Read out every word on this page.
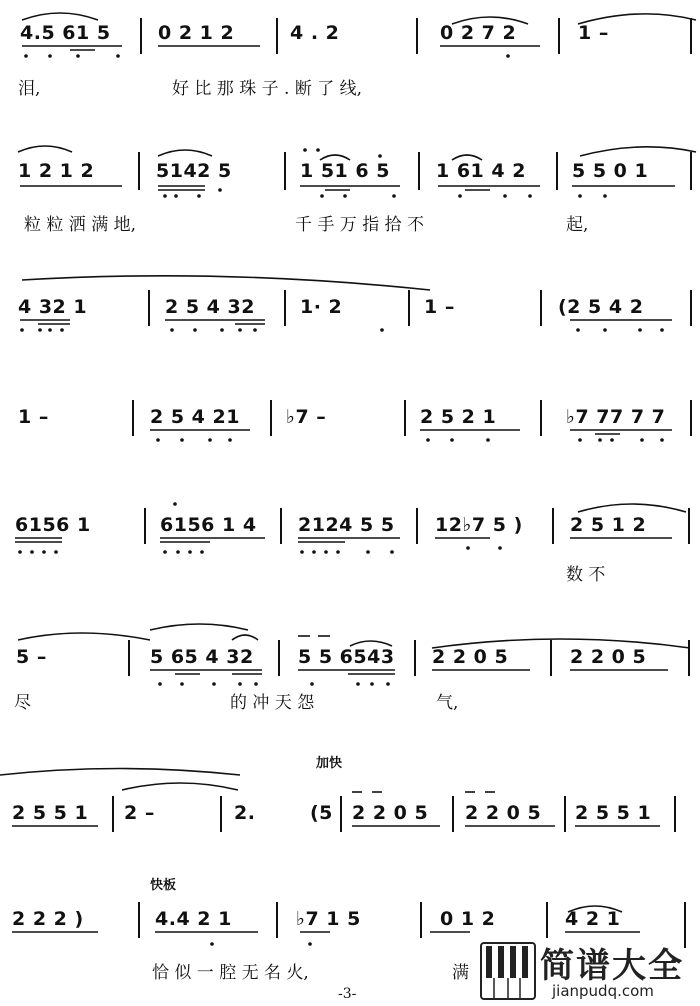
4.5 61 5 0 2 1 2	4 . 2	0 2 7 2	1 –
泪,	好 比 那 珠 子 . 断 了 线,
1 2 1 2	5142 5	1 51 6 5 1 61 4 2 5 5 0 1
粒 粒 洒 满 地,	千 手 万 指 拾 不	起,
4 32 1	2 5 4 32 1· 2	1 –	(2 5 4 2
1 –	2 5 4 21 ♭7 –	2 5 2 1	♭7 77 7 7
6156 1	6156 1 4 2124 5 5 12♭7 5 ) 2 5 1 2
数 不
5 –	5 65 4 32 5 5 6543 2 2 0 5	2 2 0 5
尽	的 冲 天 怨	气,
加快
2 5 5 1 2 –	2.	(5 2 2 0 5 2 2 0 5 2 5 5 1
快板
2 2 2 )	4.4 2 1	♭7 1 5	0 1 2	4 2 1
恰 似 一 腔 无 名 火,	满
-3-
简谱大全
jianpudq.com
